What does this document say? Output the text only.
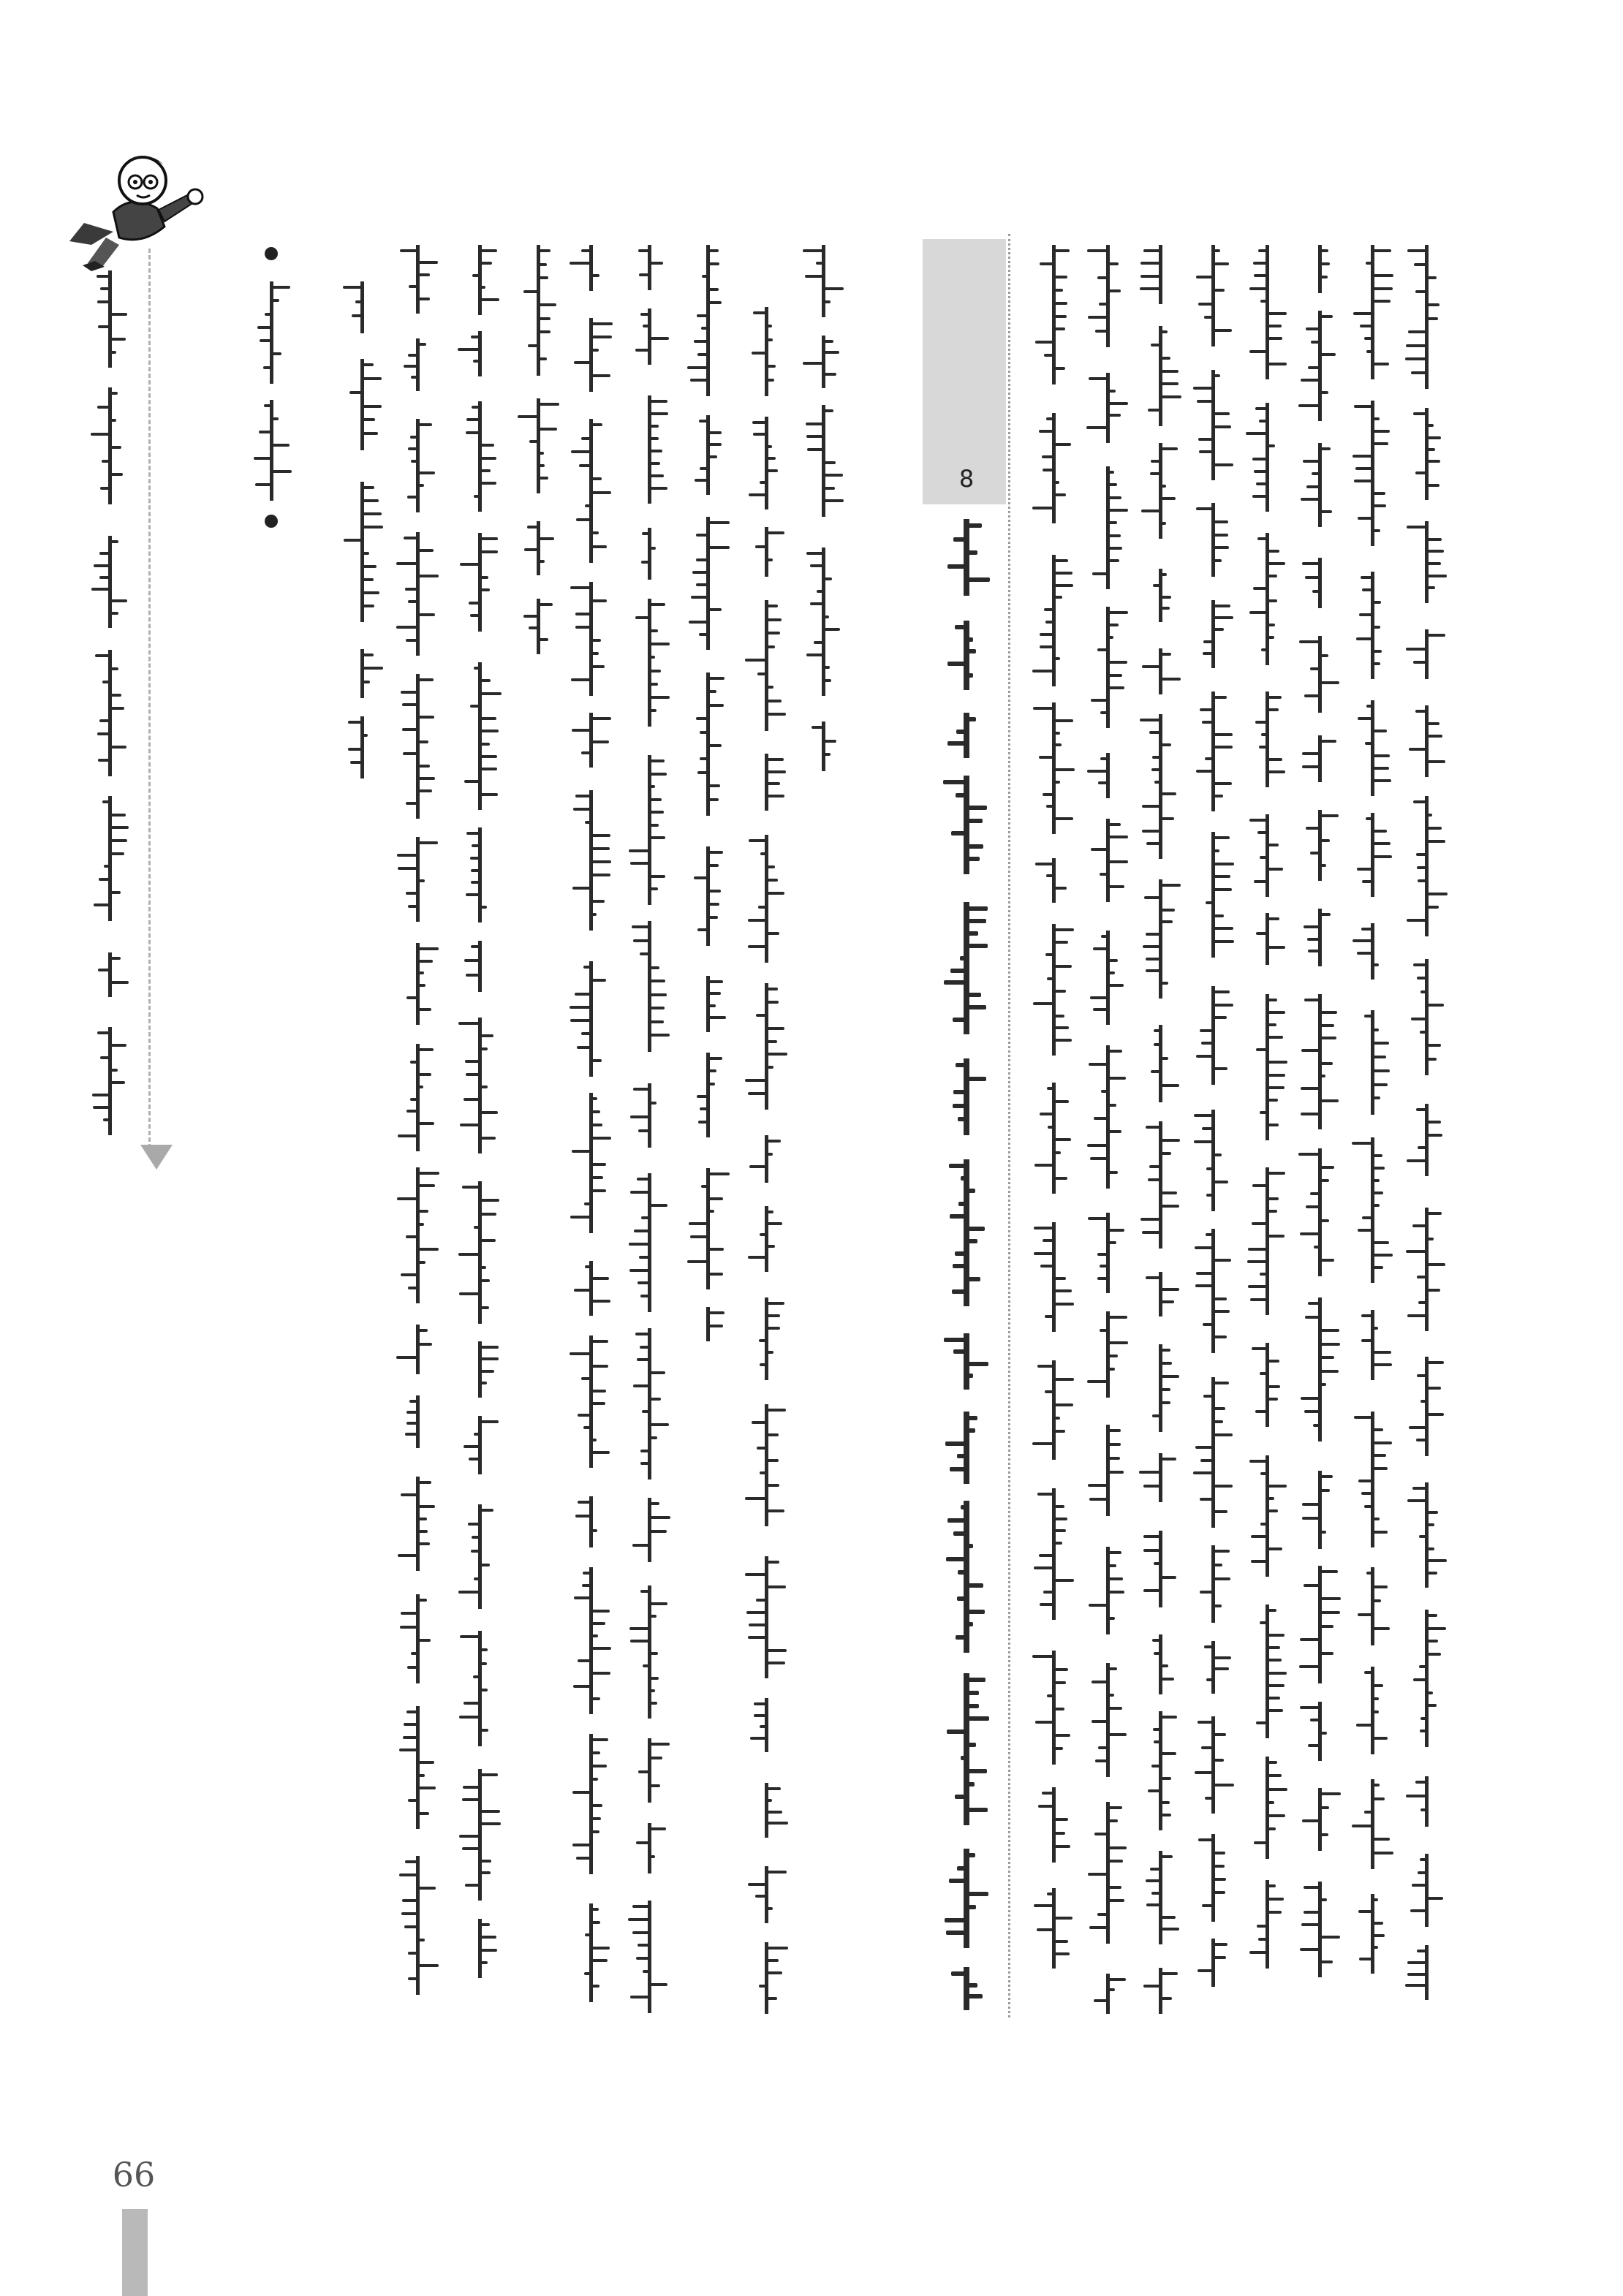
8
66
